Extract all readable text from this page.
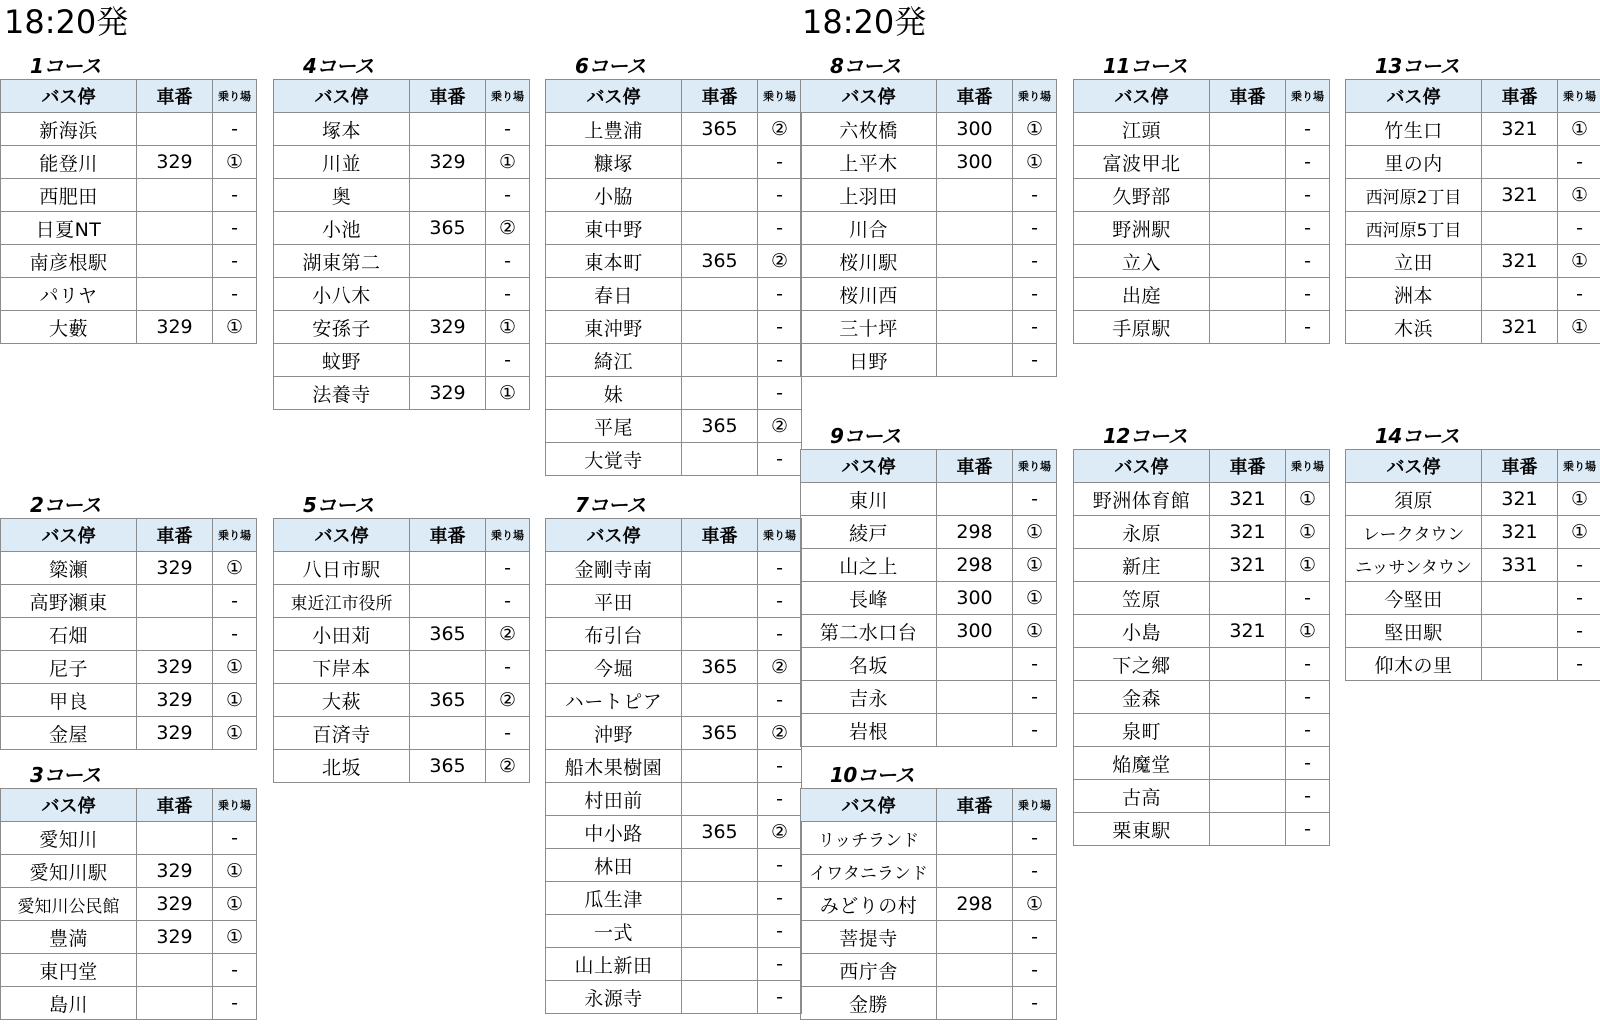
18:20発	18:20発
1コース
バス停	車番	乗り場
新海浜		-
能登川	329	①
西肥田		-
日夏NT		-
南彦根駅		-
パリヤ		-
大藪	329	①
2コース
バス停	車番	乗り場
簗瀬	329	①
高野瀬東		-
石畑		-
尼子	329	①
甲良	329	①
金屋	329	①
3コース
バス停	車番	乗り場
愛知川		-
愛知川駅	329	①
愛知川公民館	329	①
豊満	329	①
東円堂		-
島川		-
4コース
バス停	車番	乗り場
塚本		-
川並	329	①
奥		-
小池	365	②
湖東第二		-
小八木		-
安孫子	329	①
蚊野		-
法養寺	329	①
5コース
バス停	車番	乗り場
八日市駅		-
東近江市役所		-
小田苅	365	②
下岸本		-
大萩	365	②
百済寺		-
北坂	365	②
6コース
バス停	車番	乗り場
上豊浦	365	②
糠塚		-
小脇		-
東中野		-
東本町	365	②
春日		-
東沖野		-
綺江		-
妹		-
平尾	365	②
大覚寺		-
7コース
バス停	車番	乗り場
金剛寺南		-
平田		-
布引台		-
今堀	365	②
ハートピア		-
沖野	365	②
船木果樹園		-
村田前		-
中小路	365	②
林田		-
瓜生津		-
一式		-
山上新田		-
永源寺		-
8コース
バス停	車番	乗り場
六枚橋	300	①
上平木	300	①
上羽田		-
川合		-
桜川駅		-
桜川西		-
三十坪		-
日野		-
9コース
バス停	車番	乗り場
東川		-
綾戸	298	①
山之上	298	①
長峰	300	①
第二水口台	300	①
名坂		-
吉永		-
岩根		-
10コース
バス停	車番	乗り場
リッチランド		-
イワタニランド		-
みどりの村	298	①
菩提寺		-
西庁舎		-
金勝		-
11コース
バス停	車番	乗り場
江頭		-
富波甲北		-
久野部		-
野洲駅		-
立入		-
出庭		-
手原駅		-
12コース
バス停	車番	乗り場
野洲体育館	321	①
永原	321	①
新庄	321	①
笠原		-
小島	321	①
下之郷		-
金森		-
泉町		-
焔魔堂		-
古高		-
栗東駅		-
13コース
バス停	車番	乗り場
竹生口	321	①
里の内		-
西河原2丁目	321	①
西河原5丁目		-
立田	321	①
洲本		-
木浜	321	①
14コース
バス停	車番	乗り場
須原	321	①
レークタウン	321	①
ニッサンタウン	331	-
今堅田		-
堅田駅		-
仰木の里		-
